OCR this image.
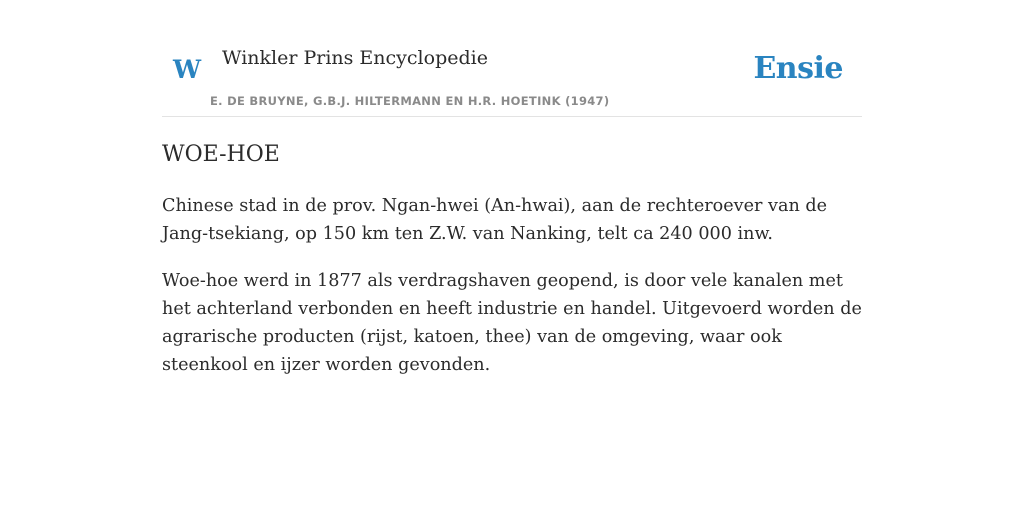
W Winkler Prins Encyclopedie
E. DE BRUYNE, G.B.J. HILTERMANN EN H.R. HOETINK (1947)
Ensie
WOE-HOE

Chinese stad in de prov. Ngan-hwei (An-hwai), aan de rechteroever van de Jang-tsekiang, op 150 km ten Z.W. van Nanking, telt ca 240 000 inw.

Woe-hoe werd in 1877 als verdragshaven geopend, is door vele kanalen met het achterland verbonden en heeft industrie en handel. Uitgevoerd worden de agrarische producten (rijst, katoen, thee) van de omgeving, waar ook steenkool en ijzer worden gevonden.
